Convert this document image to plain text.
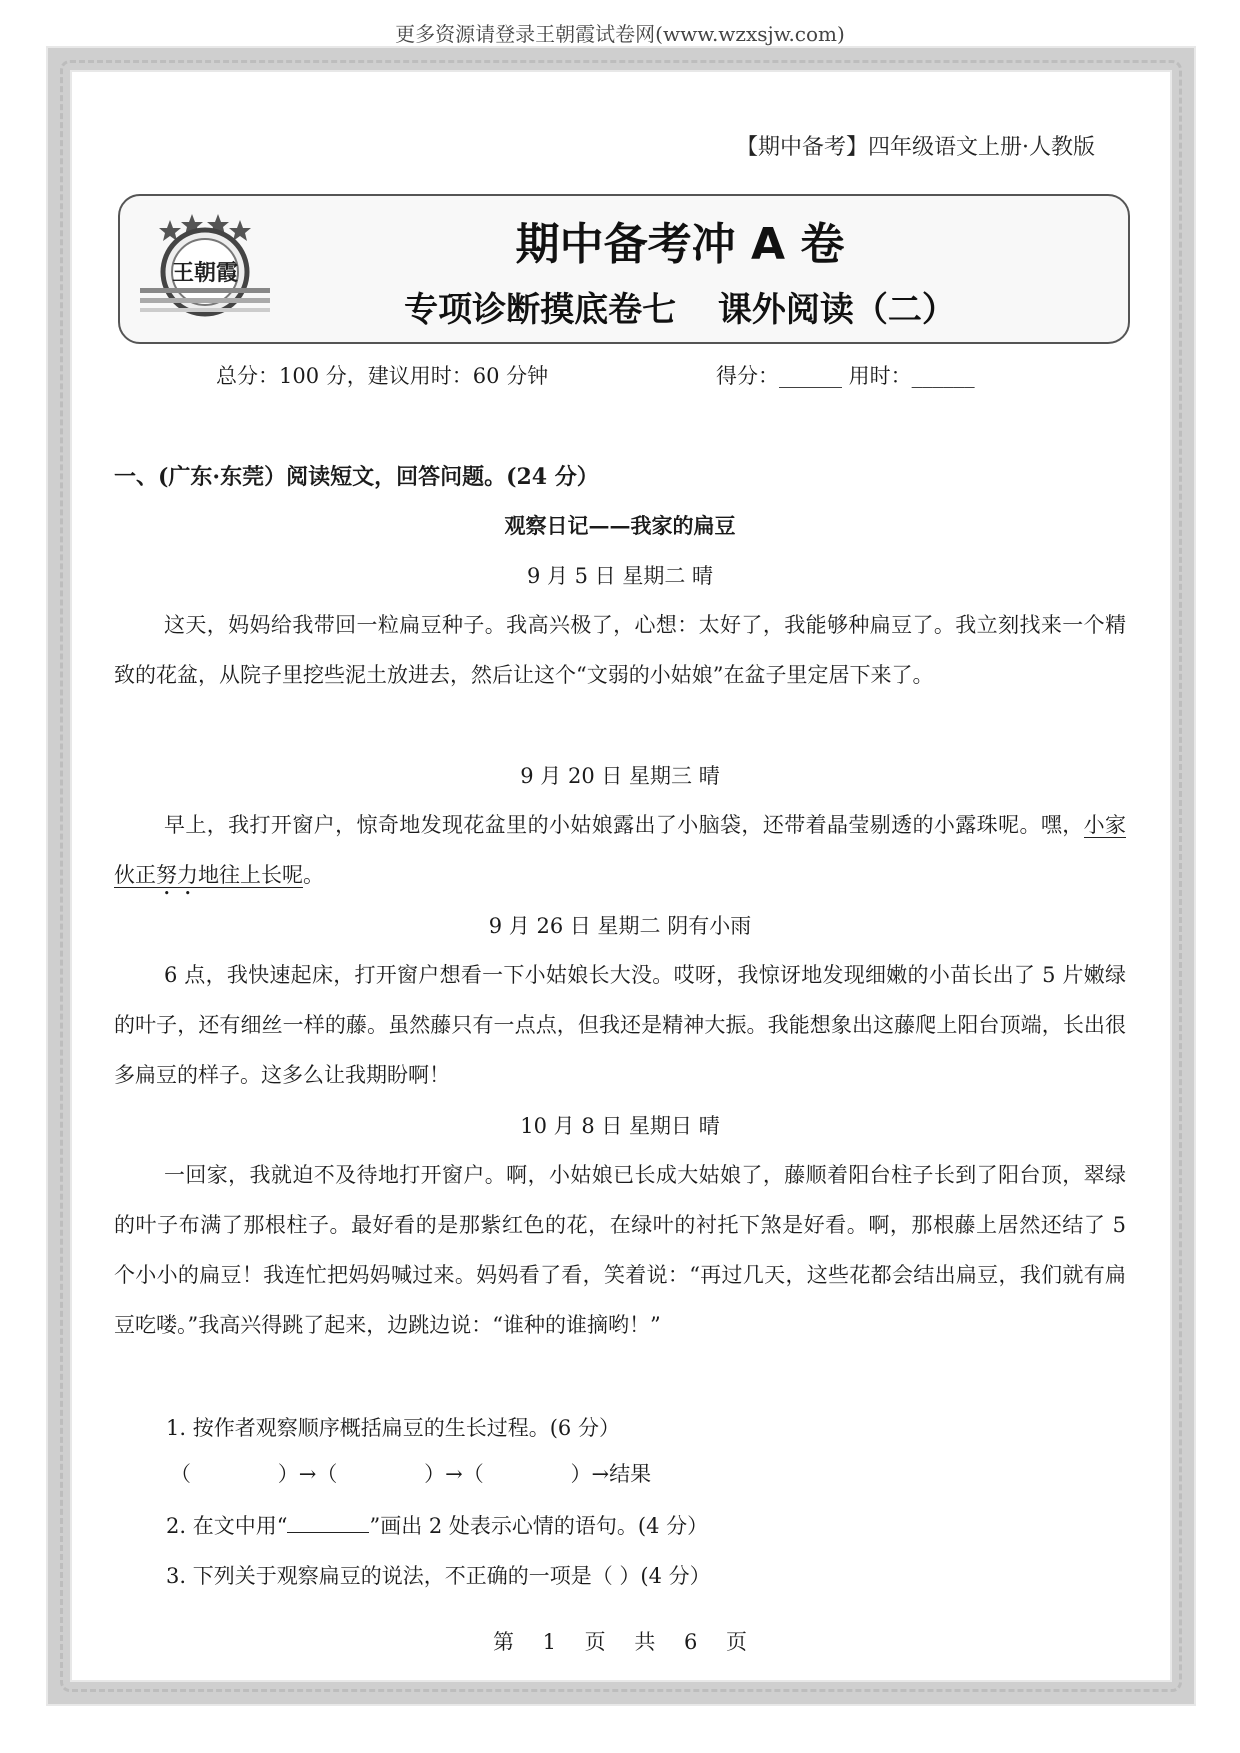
更多资源请登录王朝霞试卷网(www.wzxsjw.com)
【期中备考】四年级语文上册·人教版
王朝霞
期中备考冲 A 卷
专项诊断摸底卷七 课外阅读（二）
总分：100 分，建议用时：60 分钟	得分：______ 用时：______
一、(广东·东莞）阅读短文，回答问题。(24 分）
观察日记——我家的扁豆
9 月 5 日 星期二 晴
这天，妈妈给我带回一粒扁豆种子。我高兴极了，心想：太好了，我能够种扁豆了。我立刻找来一个精致的花盆，从院子里挖些泥土放进去，然后让这个“文弱的小姑娘”在盆子里定居下来了。
9 月 20 日 星期三 晴
早上，我打开窗户，惊奇地发现花盆里的小姑娘露出了小脑袋，还带着晶莹剔透的小露珠呢。嘿，小家伙正努力地往上长呢。
9 月 26 日 星期二 阴有小雨
6 点，我快速起床，打开窗户想看一下小姑娘长大没。哎呀，我惊讶地发现细嫩的小苗长出了 5 片嫩绿的叶子，还有细丝一样的藤。虽然藤只有一点点，但我还是精神大振。我能想象出这藤爬上阳台顶端，长出很多扁豆的样子。这多么让我期盼啊！
10 月 8 日 星期日 晴
一回家，我就迫不及待地打开窗户。啊，小姑娘已长成大姑娘了，藤顺着阳台柱子长到了阳台顶，翠绿的叶子布满了那根柱子。最好看的是那紫红色的花，在绿叶的衬托下煞是好看。啊，那根藤上居然还结了 5 个小小的扁豆！我连忙把妈妈喊过来。妈妈看了看，笑着说：“再过几天，这些花都会结出扁豆，我们就有扁豆吃喽。”我高兴得跳了起来，边跳边说：“谁种的谁摘哟！”
1. 按作者观察顺序概括扁豆的生长过程。(6 分）
（             ）→（             ）→（             ）→结果
2. 在文中用“	”画出 2 处表示心情的语句。(4 分）
3. 下列关于观察扁豆的说法，不正确的一项是（ ）(4 分）
第 1 页 共 6 页
